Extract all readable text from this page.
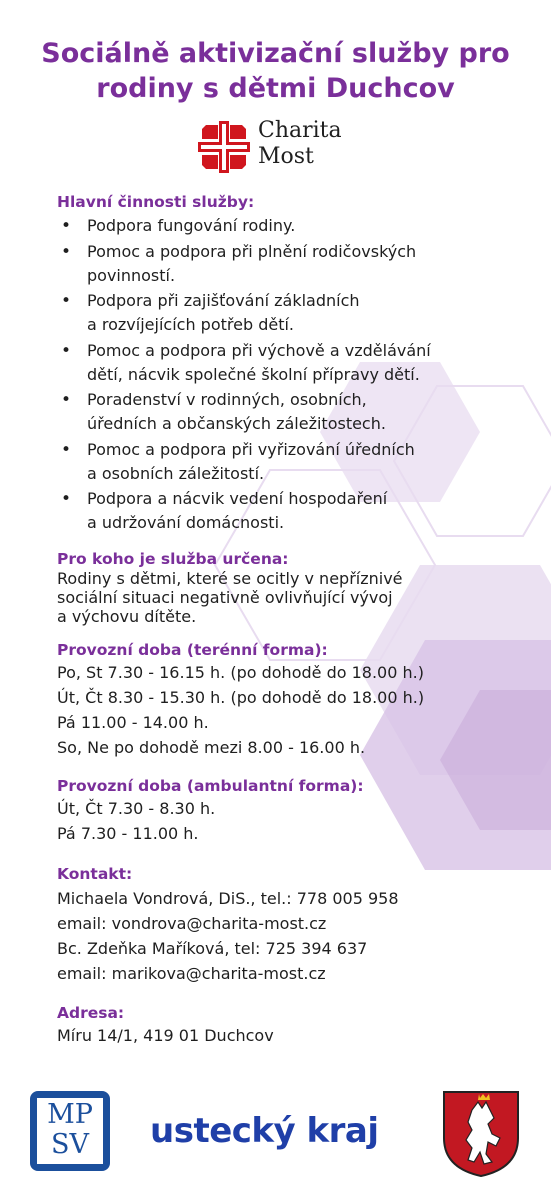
Sociálně aktivizační služby pro
rodiny s dětmi Duchcov
Charita
Most
Hlavní činnosti služby:
• Podpora fungování rodiny.
• Pomoc a podpora při plnění rodičovských
povinností.
• Podpora při zajišťování základních
a rozvíjejících potřeb dětí.
• Pomoc a podpora při výchově a vzdělávání
dětí, nácvik společné školní přípravy dětí.
• Poradenství v rodinných, osobních,
úředních a občanských záležitostech.
• Pomoc a podpora při vyřizování úředních
a osobních záležitostí.
• Podpora a nácvik vedení hospodaření
a udržování domácnosti.
Pro koho je služba určena:
Rodiny s dětmi, které se ocitly v nepříznivé
sociální situaci negativně ovlivňující vývoj
a výchovu dítěte.
Provozní doba (terénní forma):
Po, St 7.30 - 16.15 h. (po dohodě do 18.00 h.)
Út, Čt 8.30 - 15.30 h. (po dohodě do 18.00 h.)
Pá 11.00 - 14.00 h.
So, Ne po dohodě mezi 8.00 - 16.00 h.
Provozní doba (ambulantní forma):
Út, Čt 7.30 - 8.30 h.
Pá 7.30 - 11.00 h.
Kontakt:
Michaela Vondrová, DiS., tel.: 778 005 958
email: vondrova@charita-most.cz
Bc. Zdeňka Maříková, tel: 725 394 637
email: marikova@charita-most.cz
Adresa:
Míru 14/1, 419 01 Duchcov
MP
SV	ustecký kraj
